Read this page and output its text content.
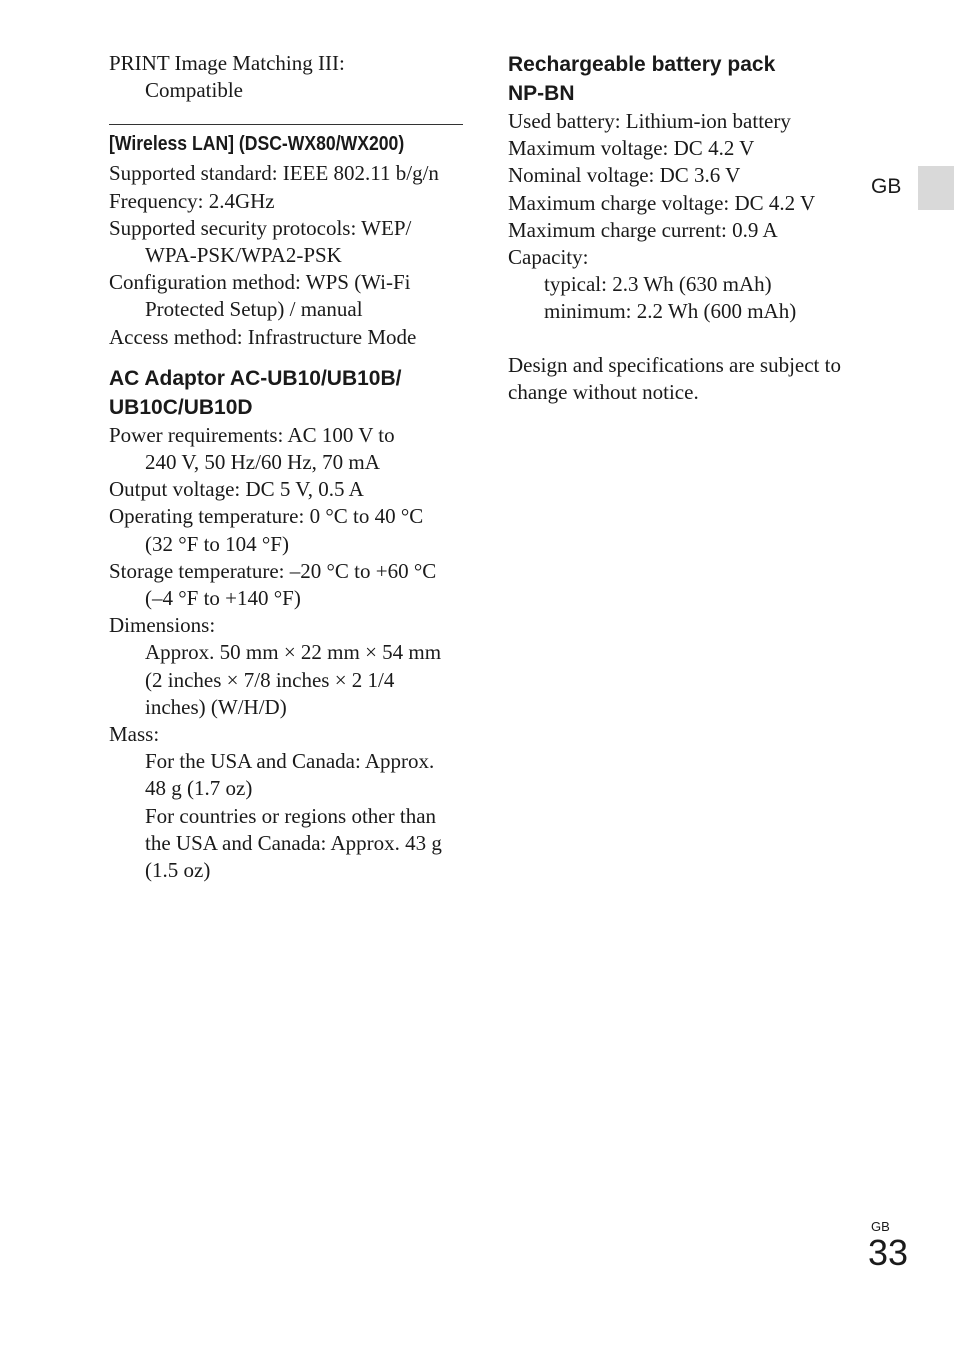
PRINT Image Matching III:
Compatible
[Wireless LAN] (DSC-WX80/WX200)
Supported standard: IEEE 802.11 b/g/n
Frequency: 2.4GHz
Supported security protocols: WEP/
WPA-PSK/WPA2-PSK
Configuration method: WPS (Wi-Fi
Protected Setup) / manual
Access method: Infrastructure Mode
AC Adaptor AC-UB10/UB10B/
UB10C/UB10D
Power requirements: AC 100 V to
240 V, 50 Hz/60 Hz, 70 mA
Output voltage: DC 5 V, 0.5 A
Operating temperature: 0 °C to 40 °C
(32 °F to 104 °F)
Storage temperature: –20 °C to +60 °C
(–4 °F to +140 °F)
Dimensions:
Approx. 50 mm × 22 mm × 54 mm
(2 inches × 7/8 inches × 2 1/4
inches) (W/H/D)
Mass:
For the USA and Canada: Approx.
48 g (1.7 oz)
For countries or regions other than
the USA and Canada: Approx. 43 g
(1.5 oz)
Rechargeable battery pack
NP-BN
Used battery: Lithium-ion battery
Maximum voltage: DC 4.2 V
Nominal voltage: DC 3.6 V
Maximum charge voltage: DC 4.2 V
Maximum charge current: 0.9 A
Capacity:
typical: 2.3 Wh (630 mAh)
minimum: 2.2 Wh (600 mAh)
Design and specifications are subject to
change without notice.
GB
GB
33
